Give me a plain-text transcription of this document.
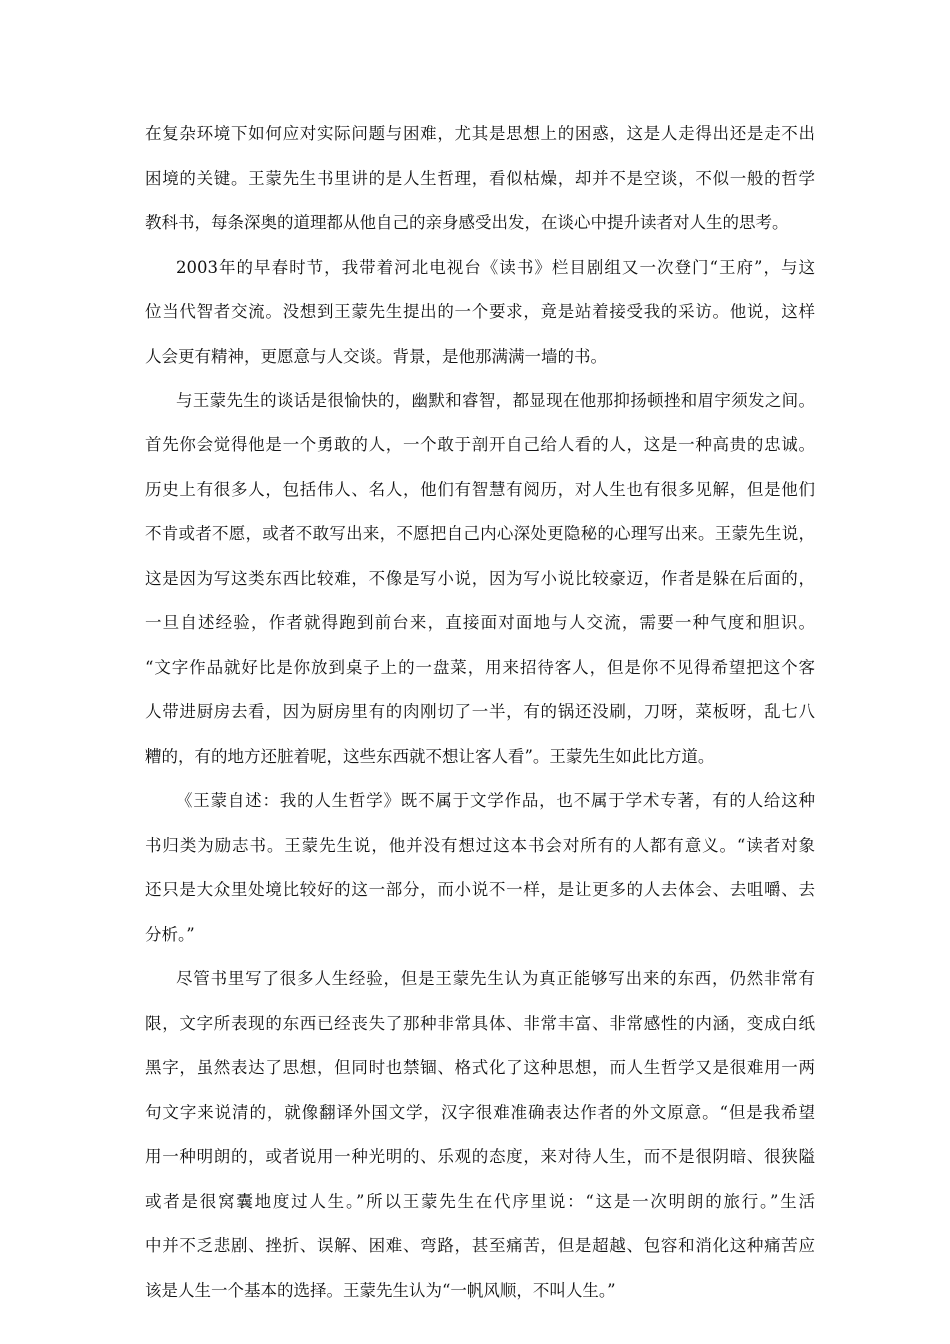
在复杂环境下如何应对实际问题与困难，尤其是思想上的困惑，这是人走得出还是走不出
困境的关键。王蒙先生书里讲的是人生哲理，看似枯燥，却并不是空谈，不似一般的哲学
教科书，每条深奥的道理都从他自己的亲身感受出发，在谈心中提升读者对人生的思考。
2003年的早春时节，我带着河北电视台《读书》栏目剧组又一次登门“王府”，与这
位当代智者交流。没想到王蒙先生提出的一个要求，竟是站着接受我的采访。他说，这样
人会更有精神，更愿意与人交谈。背景，是他那满满一墙的书。
与王蒙先生的谈话是很愉快的，幽默和睿智，都显现在他那抑扬顿挫和眉宇须发之间。
首先你会觉得他是一个勇敢的人，一个敢于剖开自己给人看的人，这是一种高贵的忠诚。
历史上有很多人，包括伟人、名人，他们有智慧有阅历，对人生也有很多见解，但是他们
不肯或者不愿，或者不敢写出来，不愿把自己内心深处更隐秘的心理写出来。王蒙先生说，
这是因为写这类东西比较难，不像是写小说，因为写小说比较豪迈，作者是躲在后面的，
一旦自述经验，作者就得跑到前台来，直接面对面地与人交流，需要一种气度和胆识。
“文字作品就好比是你放到桌子上的一盘菜，用来招待客人，但是你不见得希望把这个客
人带进厨房去看，因为厨房里有的肉刚切了一半，有的锅还没刷，刀呀，菜板呀，乱七八
糟的，有的地方还脏着呢，这些东西就不想让客人看”。王蒙先生如此比方道。
《王蒙自述：我的人生哲学》既不属于文学作品，也不属于学术专著，有的人给这种
书归类为励志书。王蒙先生说，他并没有想过这本书会对所有的人都有意义。“读者对象
还只是大众里处境比较好的这一部分，而小说不一样，是让更多的人去体会、去咀嚼、去
分析。”
尽管书里写了很多人生经验，但是王蒙先生认为真正能够写出来的东西，仍然非常有
限，文字所表现的东西已经丧失了那种非常具体、非常丰富、非常感性的内涵，变成白纸
黑字，虽然表达了思想，但同时也禁锢、格式化了这种思想，而人生哲学又是很难用一两
句文字来说清的，就像翻译外国文学，汉字很难准确表达作者的外文原意。“但是我希望
用一种明朗的，或者说用一种光明的、乐观的态度，来对待人生，而不是很阴暗、很狭隘
或者是很窝囊地度过人生。”所以王蒙先生在代序里说：“这是一次明朗的旅行。”生活
中并不乏悲剧、挫折、误解、困难、弯路，甚至痛苦，但是超越、包容和消化这种痛苦应
该是人生一个基本的选择。王蒙先生认为“一帆风顺，不叫人生。”
